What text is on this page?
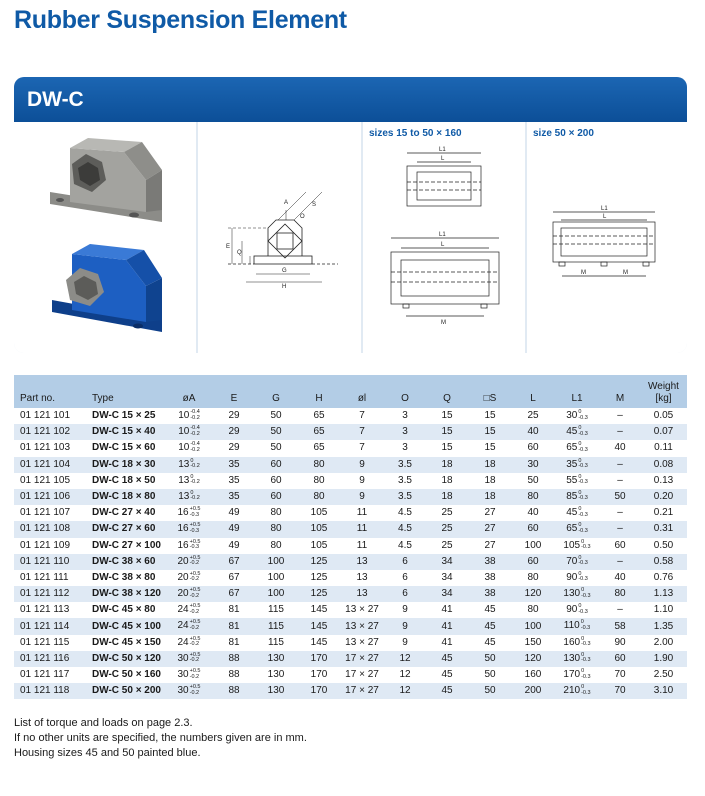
Rubber Suspension Element
DW-C
A
O
S
E
Q
G
H
sizes 15 to 50 × 160
L1
L
L1
L
M
size 50 × 200
L1
L
M	M
Part no.	Type	øA	E	G	H	øl	O	Q	□S	L	L1	M	Weight
[kg]
01 121 101	DW-C 15 × 25	10 -0.4
-0.2	29	50	65	7	3	15	15	25	30 0
-0.3	–	0.05
01 121 102	DW-C 15 × 40	10 -0.4
-0.2	29	50	65	7	3	15	15	40	45 0
-0.3	–	0.07
01 121 103	DW-C 15 × 60	10 -0.4
-0.2	29	50	65	7	3	15	15	60	65 0
-0.3	40	0.11
01 121 104	DW-C 18 × 30	13 0
-0.2	35	60	80	9	3.5	18	18	30	35 0
-0.3	–	0.08
01 121 105	DW-C 18 × 50	13 0
-0.2	35	60	80	9	3.5	18	18	50	55 0
-0.3	–	0.13
01 121 106	DW-C 18 × 80	13 0
-0.2	35	60	80	9	3.5	18	18	80	85 0
-0.3	50	0.20
01 121 107	DW-C 27 × 40	16 +0.5
-0.3	49	80	105	11	4.5	25	27	40	45 0
-0.3	–	0.21
01 121 108	DW-C 27 × 60	16 +0.5
-0.3	49	80	105	11	4.5	25	27	60	65 0
-0.3	–	0.31
01 121 109	DW-C 27 × 100	16 +0.5
-0.3	49	80	105	11	4.5	25	27	100	105 0
-0.3	60	0.50
01 121 110	DW-C 38 × 60	20 +0.5
-0.2	67	100	125	13	6	34	38	60	70 0
-0.3	–	0.58
01 121 111	DW-C 38 × 80	20 +0.5
-0.2	67	100	125	13	6	34	38	80	90 0
-0.3	40	0.76
01 121 112	DW-C 38 × 120	20 +0.5
-0.2	67	100	125	13	6	34	38	120	130 0
-0.3	80	1.13
01 121 113	DW-C 45 × 80	24 +0.5
-0.2	81	115	145	13 × 27	9	41	45	80	90 0
-0.3	–	1.10
01 121 114	DW-C 45 × 100	24 +0.5
-0.2	81	115	145	13 × 27	9	41	45	100	110 0
-0.3	58	1.35
01 121 115	DW-C 45 × 150	24 +0.5
-0.2	81	115	145	13 × 27	9	41	45	150	160 0
-0.3	90	2.00
01 121 116	DW-C 50 × 120	30 +0.5
-0.2	88	130	170	17 × 27	12	45	50	120	130 0
-0.3	60	1.90
01 121 117	DW-C 50 × 160	30 +0.5
-0.2	88	130	170	17 × 27	12	45	50	160	170 0
-0.3	70	2.50
01 121 118	DW-C 50 × 200	30 +0.5
-0.2	88	130	170	17 × 27	12	45	50	200	210 0
-0.3	70	3.10
List of torque and loads on page 2.3.
If no other units are specified, the numbers given are in mm.
Housing sizes 45 and 50 painted blue.
